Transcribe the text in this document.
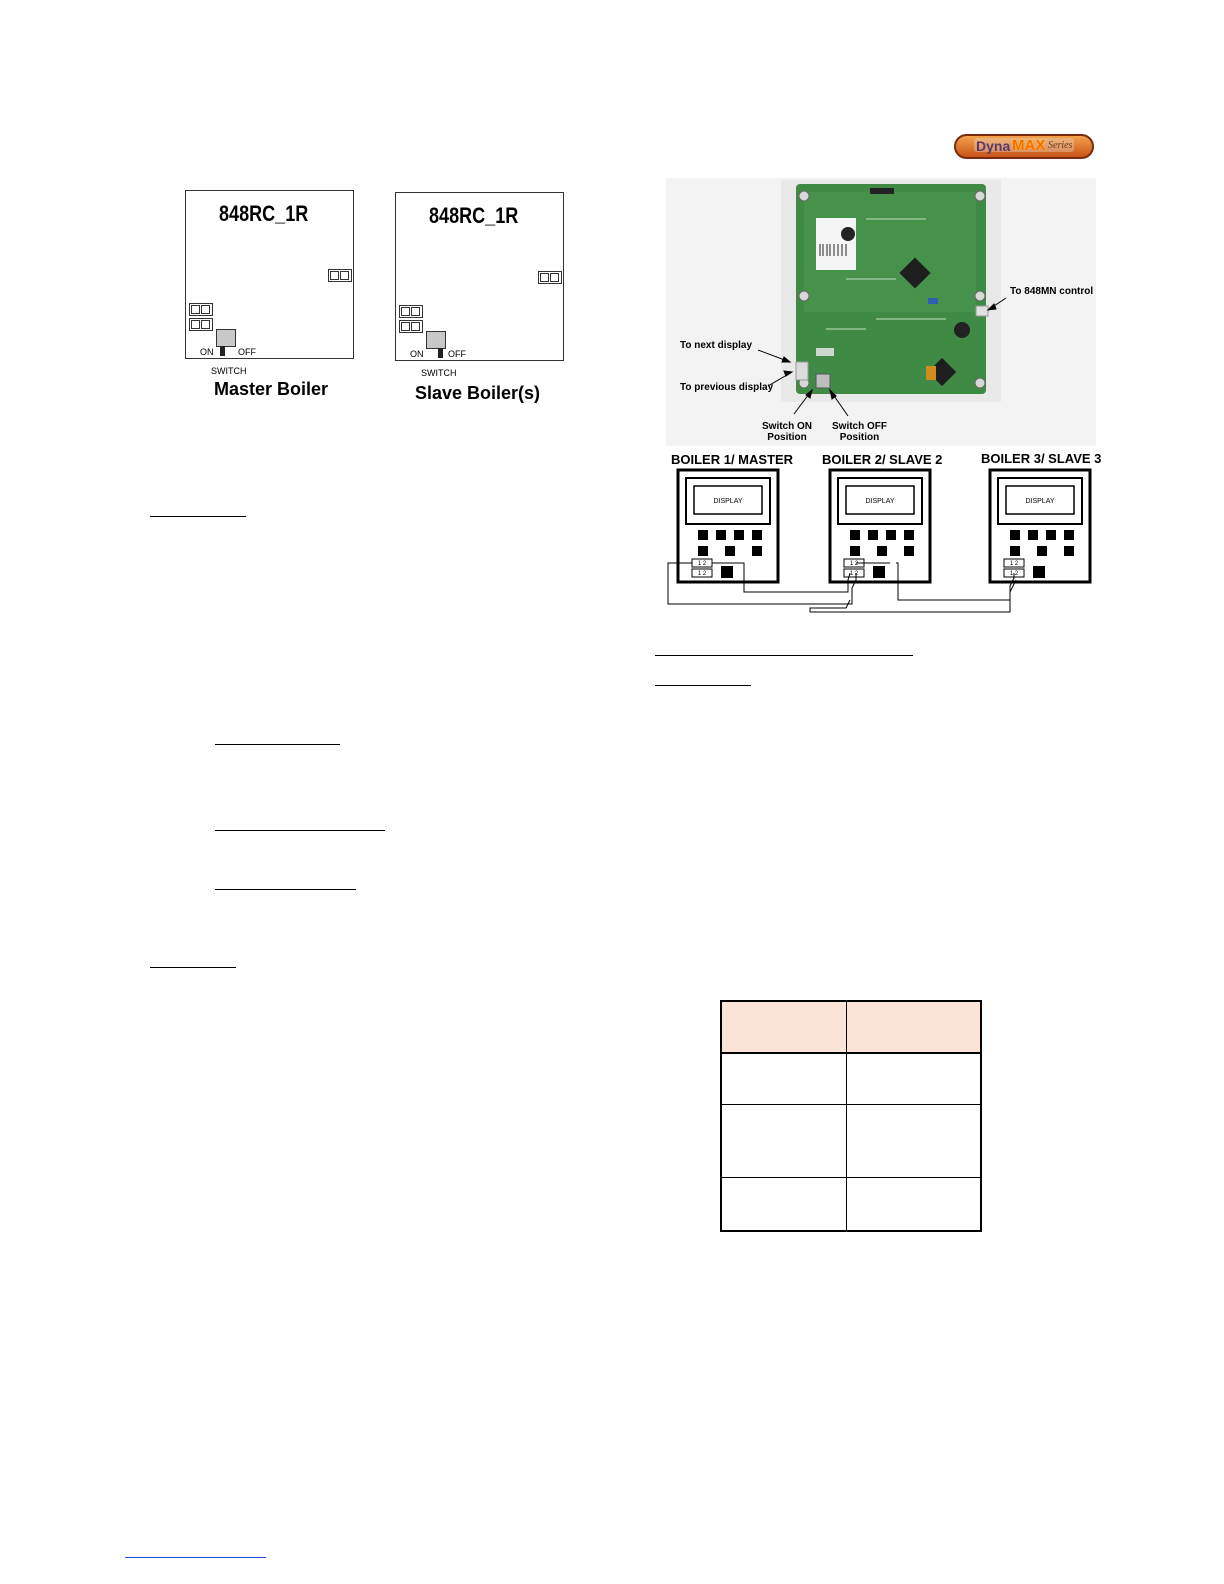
Dyna MAX Series
848RC_1R
ON	OFF
SWITCH
Master Boiler
848RC_1R
ON	OFF
SWITCH
Slave Boiler(s)
To 848MN control
To next display
To previous display
Switch ON
Position
Switch OFF
Position
BOILER 1/ MASTER BOILER 2/ SLAVE 2	BOILER 3/ SLAVE 3
DISPLAY	DISPLAY	DISPLAY
1 2
1 2
1 2
1 2
1 2
1 2
